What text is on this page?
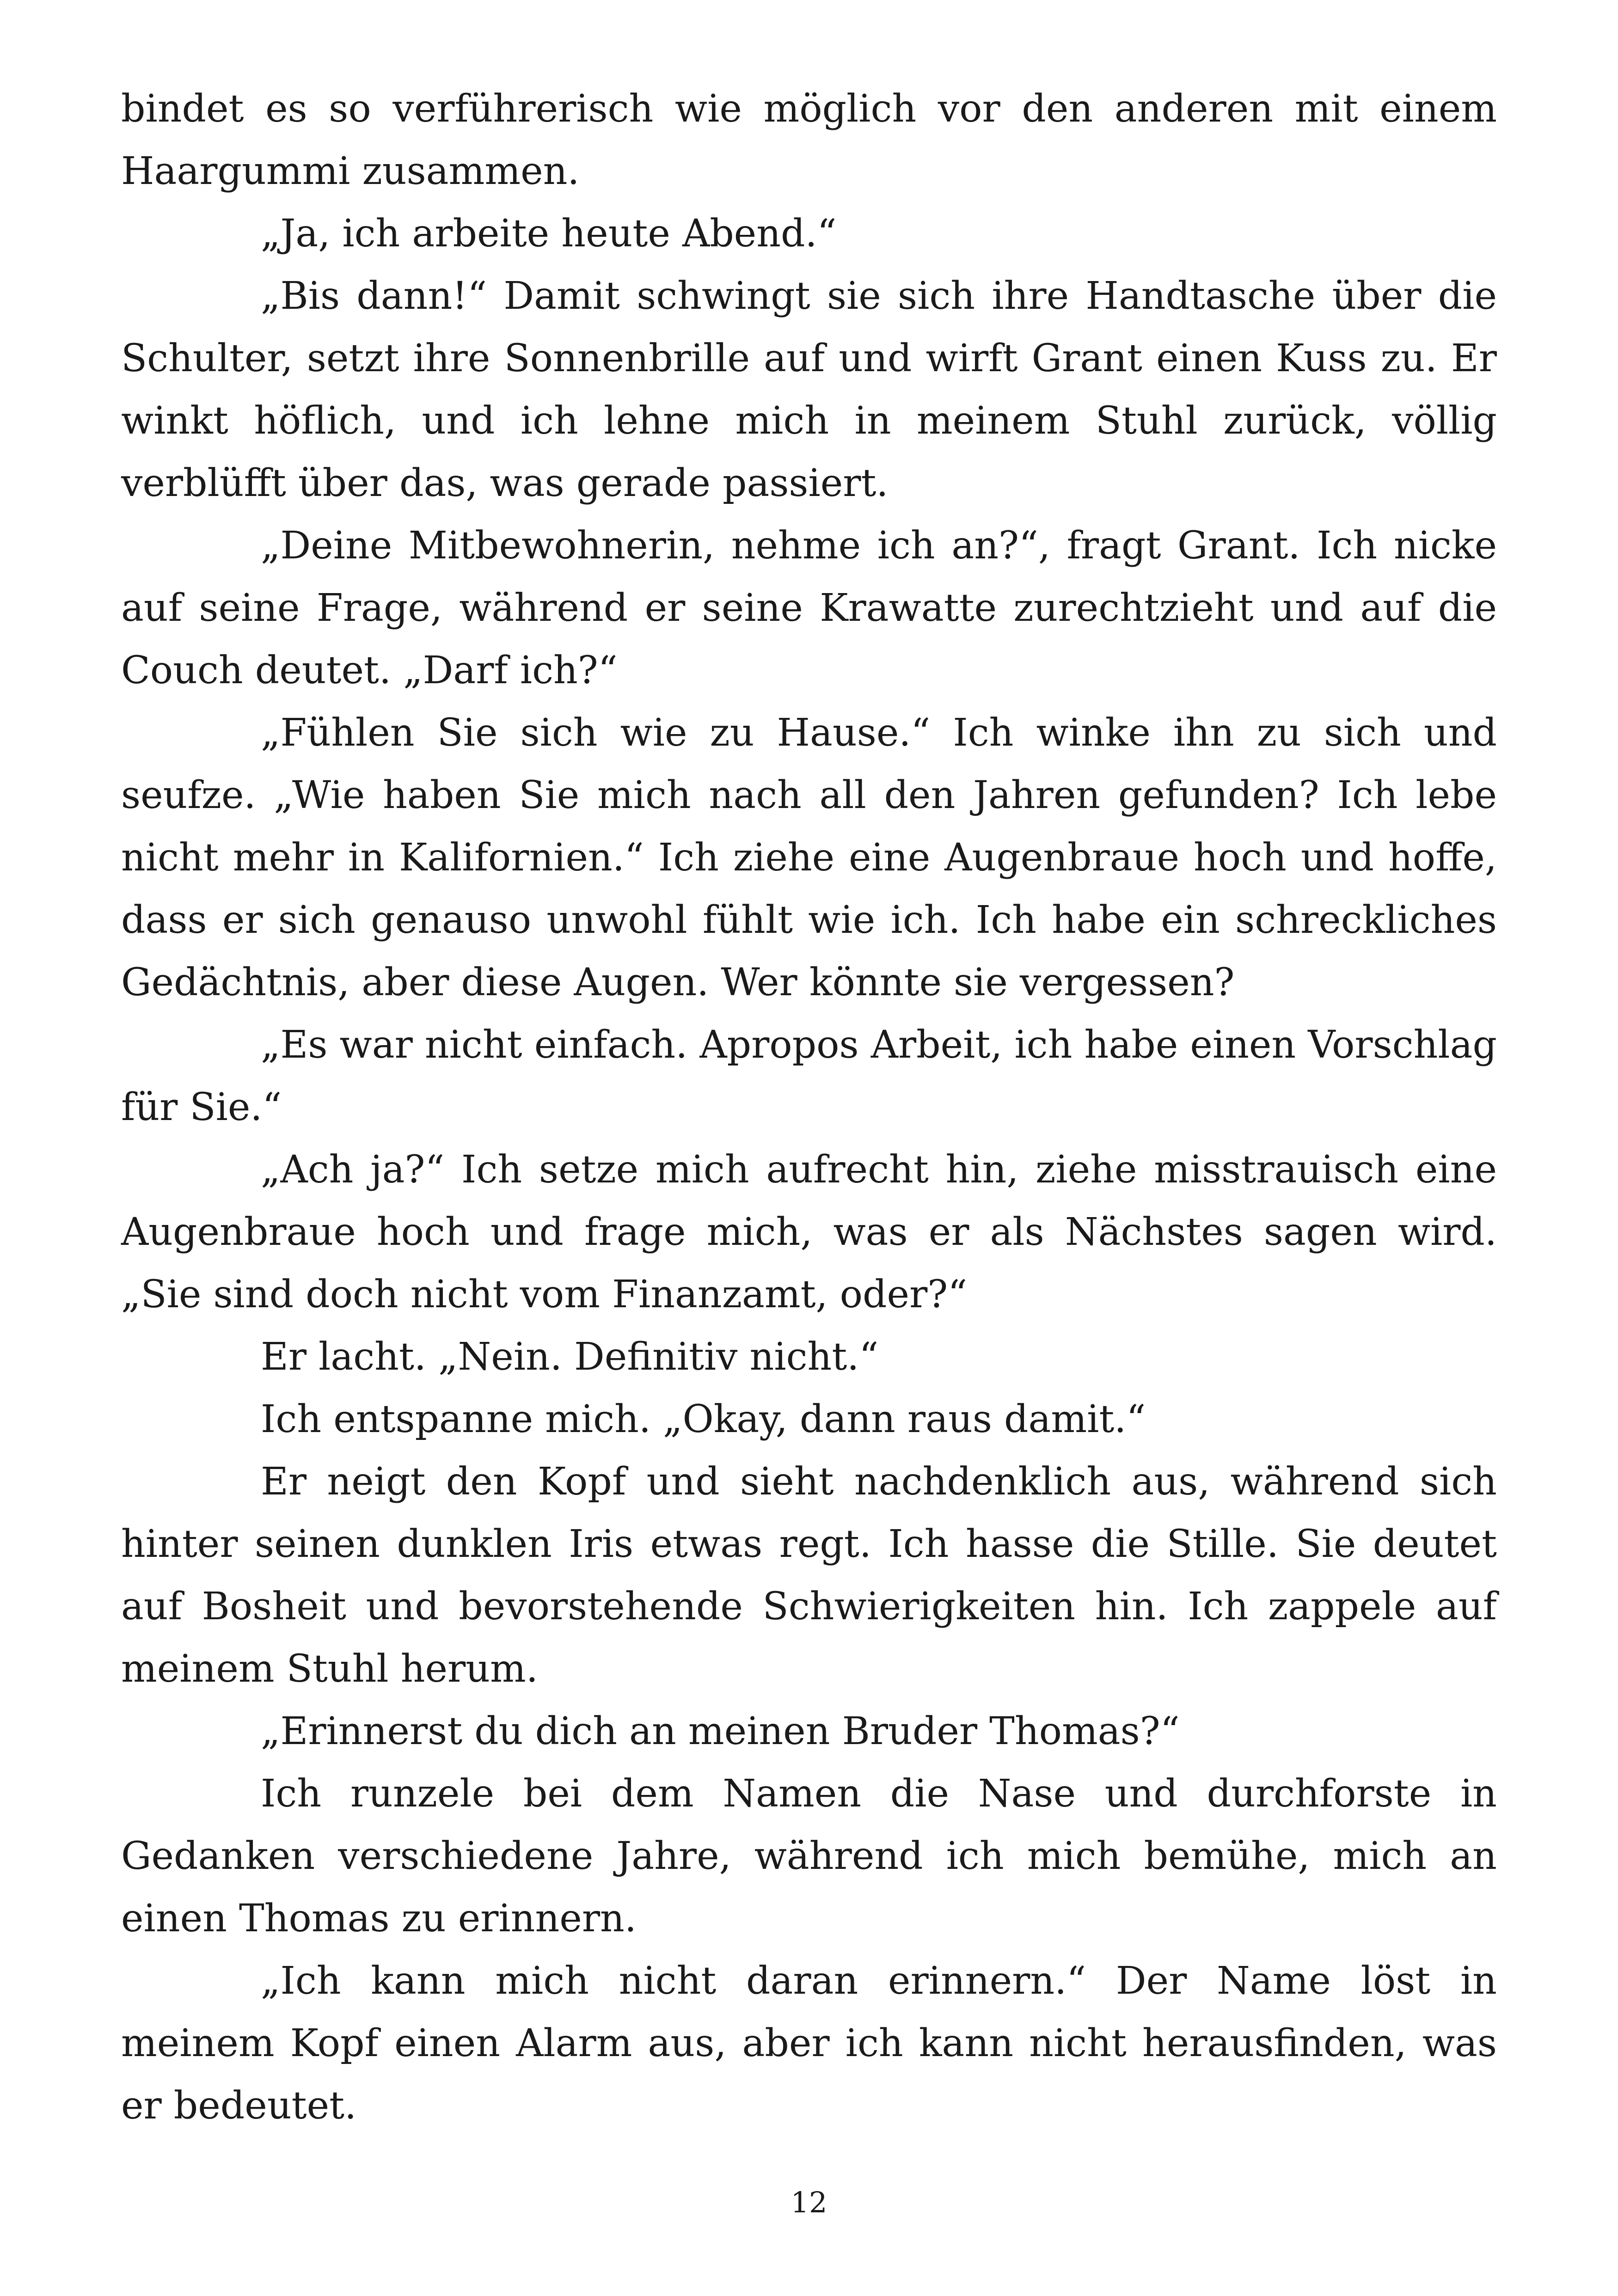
bindet es so verführerisch wie möglich vor den anderen mit einem Haargummi zusammen.

„Ja, ich arbeite heute Abend.“

„Bis dann!“ Damit schwingt sie sich ihre Handtasche über die Schulter, setzt ihre Sonnenbrille auf und wirft Grant einen Kuss zu. Er winkt höflich, und ich lehne mich in meinem Stuhl zurück, völlig verblüfft über das, was gerade passiert.

„Deine Mitbewohnerin, nehme ich an?“, fragt Grant. Ich nicke auf seine Frage, während er seine Krawatte zurechtzieht und auf die Couch deutet. „Darf ich?“

„Fühlen Sie sich wie zu Hause.“ Ich winke ihn zu sich und seufze. „Wie haben Sie mich nach all den Jahren gefunden? Ich lebe nicht mehr in Kalifornien.“ Ich ziehe eine Augenbraue hoch und hoffe, dass er sich genauso unwohl fühlt wie ich. Ich habe ein schreckliches Gedächtnis, aber diese Augen. Wer könnte sie vergessen?

„Es war nicht einfach. Apropos Arbeit, ich habe einen Vorschlag für Sie.“

„Ach ja?“ Ich setze mich aufrecht hin, ziehe misstrauisch eine Augenbraue hoch und frage mich, was er als Nächstes sagen wird. „Sie sind doch nicht vom Finanzamt, oder?“

Er lacht. „Nein. Definitiv nicht.“

Ich entspanne mich. „Okay, dann raus damit.“

Er neigt den Kopf und sieht nachdenklich aus, während sich hinter seinen dunklen Iris etwas regt. Ich hasse die Stille. Sie deutet auf Bosheit und bevorstehende Schwierigkeiten hin. Ich zappele auf meinem Stuhl herum.

„Erinnerst du dich an meinen Bruder Thomas?“

Ich runzele bei dem Namen die Nase und durchforste in Gedanken verschiedene Jahre, während ich mich bemühe, mich an einen Thomas zu erinnern.

„Ich kann mich nicht daran erinnern.“ Der Name löst in meinem Kopf einen Alarm aus, aber ich kann nicht herausfinden, was er bedeutet.

12
